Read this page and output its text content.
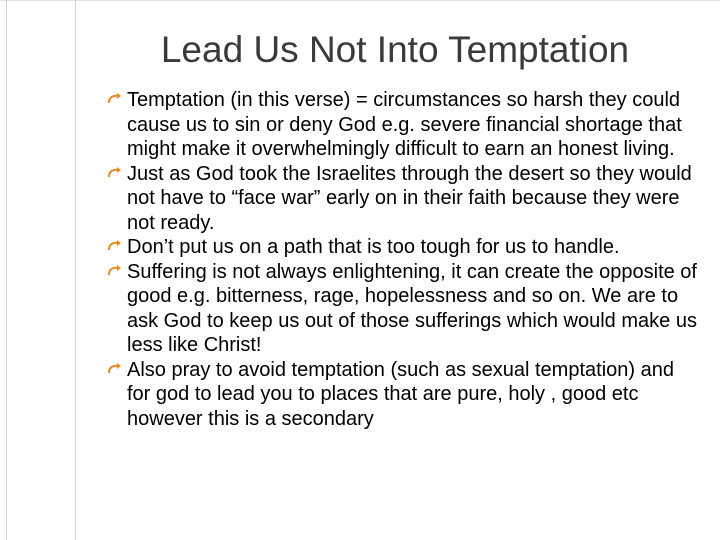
Lead Us Not Into Temptation
Temptation (in this verse) = circumstances so harsh they could cause us to sin or deny God e.g. severe financial shortage that might make it overwhelmingly difficult to earn an honest living.
Just as God took the Israelites through the desert so they would not have to “face war” early on in their faith because they were not ready.
Don’t put us on a path that is too tough for us to handle.
Suffering is not always enlightening, it can create the opposite of good e.g. bitterness, rage, hopelessness and so on. We are to ask God to keep us out of those sufferings which would make us less like Christ!
Also pray to avoid temptation (such as sexual temptation) and for god to lead you to places that are pure, holy , good etc however this is a secondary
